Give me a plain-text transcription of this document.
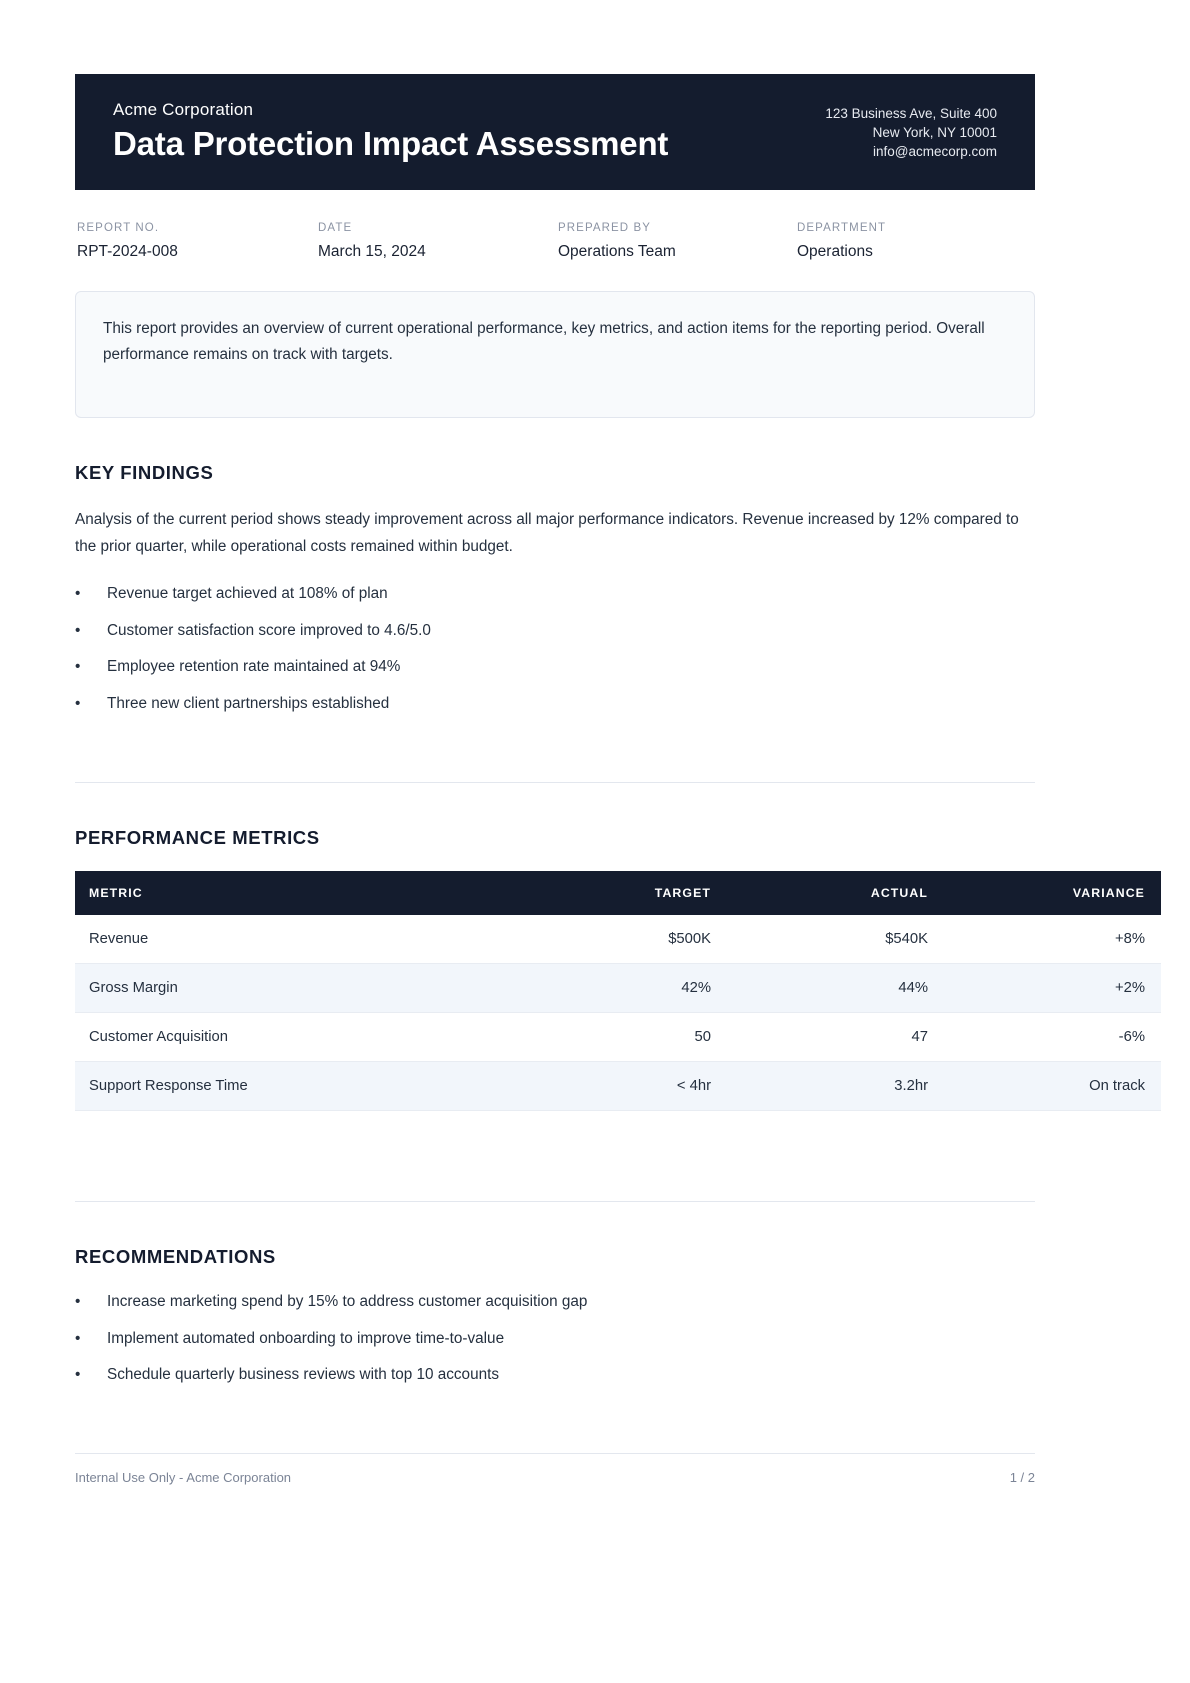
Acme Corporation
Data Protection Impact Assessment
123 Business Ave, Suite 400
New York, NY 10001
info@acmecorp.com
REPORT NO.
RPT-2024-008
DATE
March 15, 2024
PREPARED BY
Operations Team
DEPARTMENT
Operations

This report provides an overview of current operational performance, key metrics, and action items for the reporting period. Overall performance remains on track with targets.

KEY FINDINGS

Analysis of the current period shows steady improvement across all major performance indicators. Revenue increased by 12% compared to the prior quarter, while operational costs remained within budget.

• Revenue target achieved at 108% of plan
• Customer satisfaction score improved to 4.6/5.0
• Employee retention rate maintained at 94%
• Three new client partnerships established
PERFORMANCE METRICS
METRIC	TARGET	ACTUAL	VARIANCE
Revenue	$500K	$540K	+8%
Gross Margin	42%	44%	+2%
Customer Acquisition	50	47	-6%
Support Response Time	< 4hr	3.2hr	On track
RECOMMENDATIONS
• Increase marketing spend by 15% to address customer acquisition gap
• Implement automated onboarding to improve time-to-value
• Schedule quarterly business reviews with top 10 accounts
Internal Use Only - Acme Corporation	1 / 2
